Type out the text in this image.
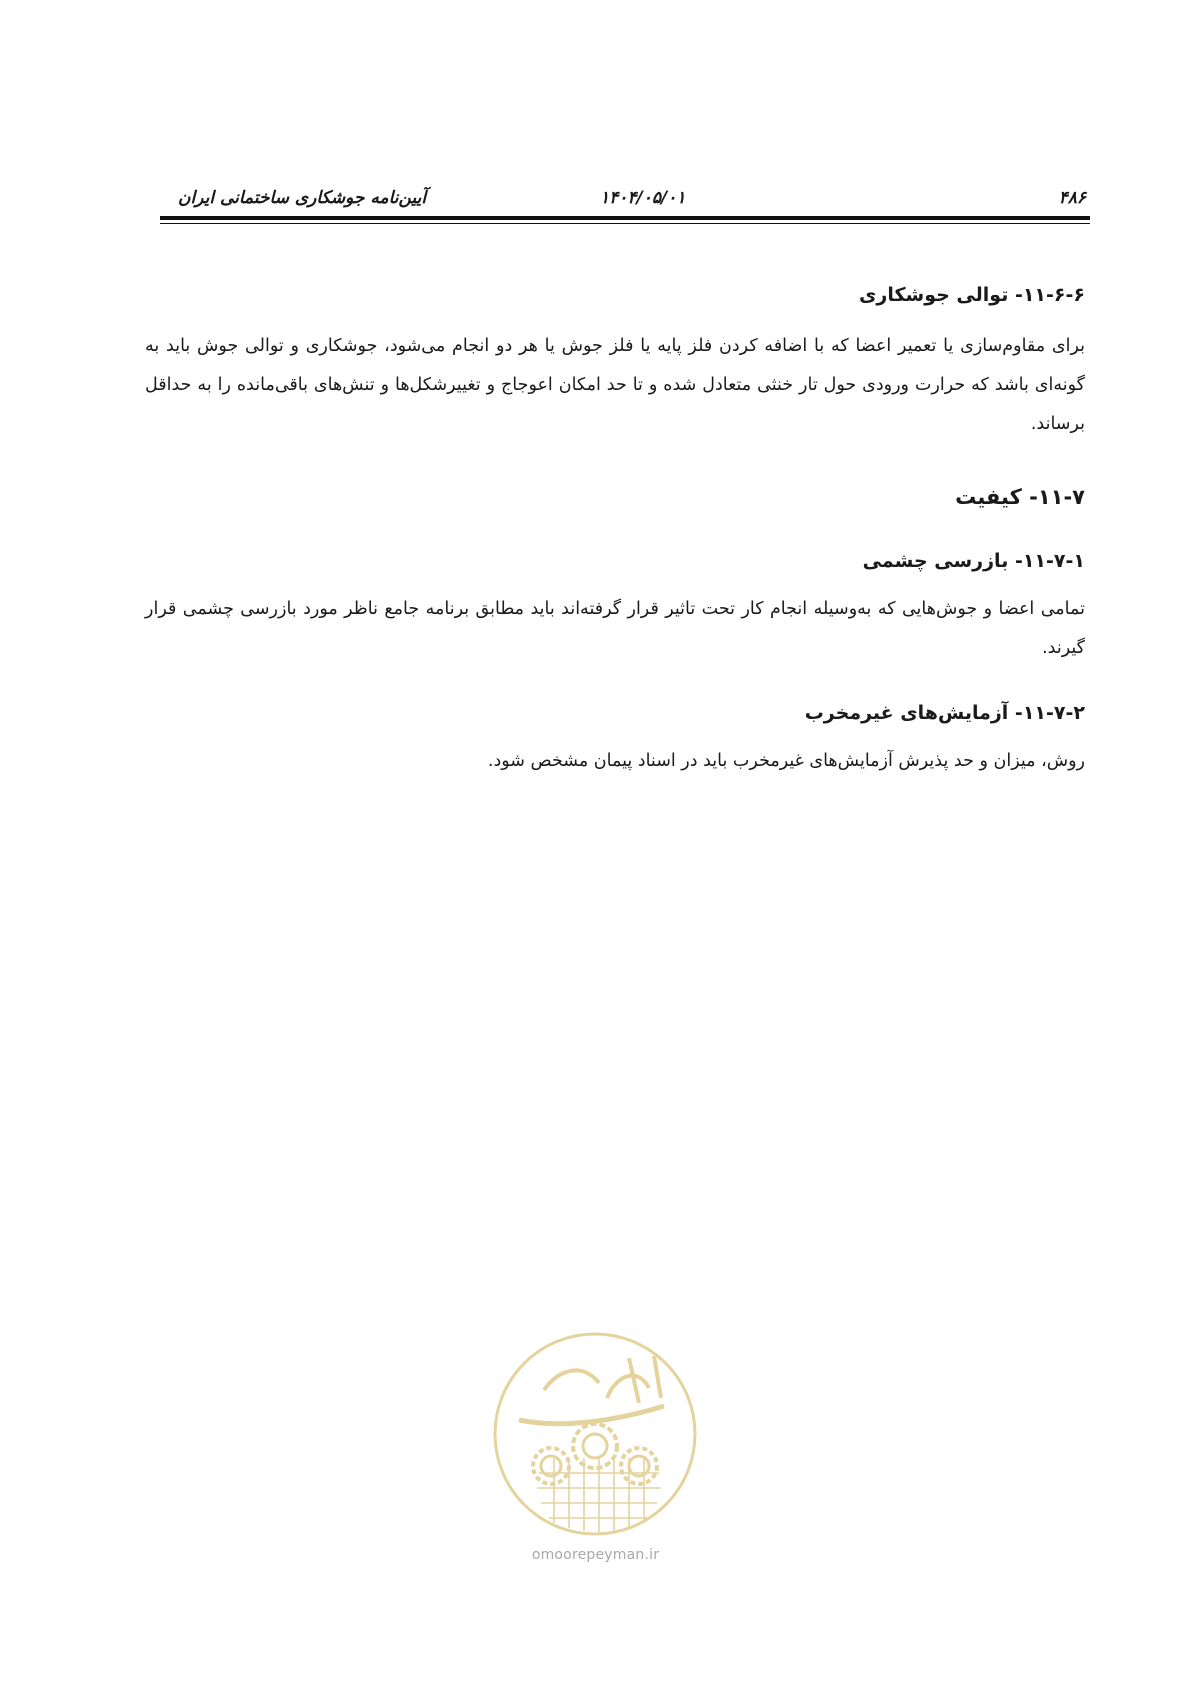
آیین‌نامه جوشکاری ساختمانی ایران	۱۴۰۴/۰۵/۰۱	۴۸۶

۱۱-۶-۶- توالی جوشکاری

برای مقاوم‌سازی یا تعمیر اعضا که با اضافه کردن فلز پایه یا فلز جوش یا هر دو انجام می‌شود، جوشکاری و توالی جوش باید به گونه‌ای باشد که حرارت ورودی حول تار خنثی متعادل شده و تا حد امکان اعوجاج و تغییرشکل‌ها و تنش‌های باقی‌مانده را به حداقل برساند.

۱۱-۷- کیفیت

۱۱-۷-۱- بازرسی چشمی

تمامی اعضا و جوش‌هایی که به‌وسیله انجام کار تحت تاثیر قرار گرفته‌اند باید مطابق برنامه جامع ناظر مورد بازرسی چشمی قرار گیرند.

۱۱-۷-۲- آزمایش‌های غیرمخرب

روش، میزان و حد پذیرش آزمایش‌های غیرمخرب باید در اسناد پیمان مشخص شود.

omoorepeyman.ir
